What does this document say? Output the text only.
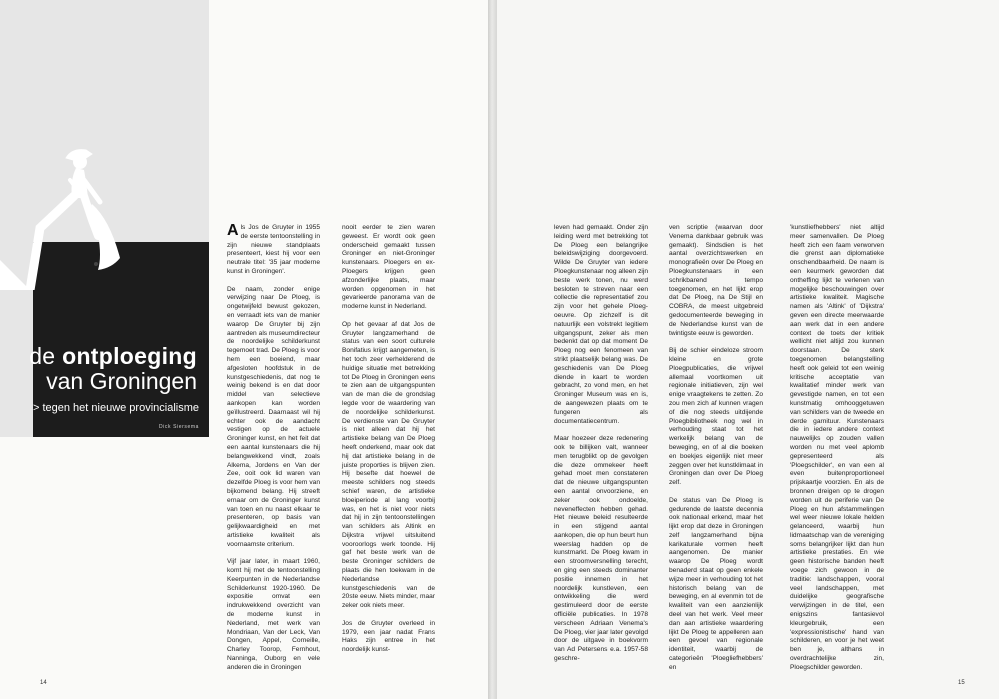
de ontploeging
van Groningen
> tegen het nieuwe provincialisme
Dick Siersema

Als Jos de Gruyter in 1955 de eerste tentoonstelling in zijn nieuwe standplaats presenteert, kiest hij voor een neutrale titel: '35 jaar moderne kunst in Groningen'.

De naam, zonder enige verwijzing naar De Ploeg, is ongetwijfeld bewust gekozen, en verraadt iets van de manier waarop De Gruyter bij zijn aantreden als museumdirecteur de noordelijke schilderkunst tegemoet trad. De Ploeg is voor hem een boeiend, maar afgesloten hoofdstuk in de kunstgeschiedenis, dat nog te weinig bekend is en dat door middel van selectieve aankopen kan worden geïllustreerd. Daarnaast wil hij echter ook de aandacht vestigen op de actuele Groninger kunst, en het feit dat een aantal kunstenaars die hij belangwekkend vindt, zoals Alkema, Jordens en Van der Zee, ooit ook lid waren van dezelfde Ploeg is voor hem van bijkomend belang. Hij streeft ernaar om de Groninger kunst van toen en nu naast elkaar te presenteren, op basis van gelijkwaardigheid en met artistieke kwaliteit als voornaamste criterium.

Vijf jaar later, in maart 1960, komt hij met de tentoonstelling Keerpunten in de Nederlandse Schilderkunst 1920-1960. De expositie omvat een indrukwekkend overzicht van de moderne kunst in Nederland, met werk van Mondriaan, Van der Leck, Van Dongen, Appel, Corneille, Charley Toorop, Fernhout, Nanninga, Ouborg en vele anderen die in Groningen

nooit eerder te zien waren geweest. Er wordt ook geen onderscheid gemaakt tussen Groninger en niet-Groninger kunstenaars. Ploegers en ex-Ploegers krijgen geen afzonderlijke plaats, maar worden opgenomen in het gevarieerde panorama van de moderne kunst in Nederland.

Op het gevaar af dat Jos de Gruyter langzamerhand de status van een soort culturele Bonifatius krijgt aangemeten, is het toch zeer verhelderend de huidige situatie met betrekking tot De Ploeg in Groningen eens te zien aan de uitgangspunten van de man die de grondslag legde voor de waardering van de noordelijke schilderkunst. De verdienste van De Gruyter is niet alleen dat hij het artistieke belang van De Ploeg heeft onderkend, maar ook dat hij dat artistieke belang in de juiste proporties is blijven zien. Hij besefte dat hoewel de meeste schilders nog steeds schief waren, de artistieke bloeiperiode al lang voorbij was, en het is niet voor niets dat hij in zijn tentoonstellingen van schilders als Altink en Dijkstra vrijwel uitsluitend vooroorlogs werk toonde. Hij gaf het beste werk van de beste Groninger schilders de plaats die hen toekwam in de Nederlandse kunstgeschiedenis van de 20ste eeuw. Niets minder, maar zeker ook niets meer.

Jos de Gruyter overleed in 1979, een jaar nadat Frans Haks zijn entree in het noordelijk kunst-

14	15

leven had gemaakt. Onder zijn leiding werd met betrekking tot De Ploeg een belangrijke beleidswijziging doorgevoerd. Wilde De Gruyter van iedere Ploegkunstenaar nog alleen zijn beste werk tonen, nu werd besloten te streven naar een collectie die representatief zou zijn voor het gehele Ploeg-oeuvre. Op zichzelf is dit natuurlijk een volstrekt legitiem uitgangspunt, zeker als men bedenkt dat op dat moment De Ploeg nog een fenomeen van strikt plaatselijk belang was. De geschiedenis van De Ploeg diende in kaart te worden gebracht, zo vond men, en het Groninger Museum was en is, de aangewezen plaats om te fungeren als documentatiecentrum.

Maar hoezeer deze redenering ook te billijken valt, wanneer men terugblikt op de gevolgen die deze ommekeer heeft gehad moet men constateren dat de nieuwe uitgangspunten een aantal onvoorziene, en zeker ook ondoelde, neveneffecten hebben gehad. Het nieuwe beleid resulteerde in een stijgend aantal aankopen, die op hun beurt hun weerslag hadden op de kunstmarkt. De Ploeg kwam in een stroomversnelling terecht, en ging een steeds dominanter positie innemen in het noordelijk kunstleven, een ontwikkeling die werd gestimuleerd door de eerste officiële publicaties. In 1978 verscheen Adriaan Venema's De Ploeg, vier jaar later gevolgd door de uitgave in boekvorm van Ad Petersens e.a. 1957-58 geschre-

ven scriptie (waarvan door Venema dankbaar gebruik was gemaakt). Sindsdien is het aantal overzichtswerken en monografieën over De Ploeg en Ploegkunstenaars in een schrikbarend tempo toegenomen, en het lijkt erop dat De Ploeg, na De Stijl en COBRA, de meest uitgebreid gedocumenteerde beweging in de Nederlandse kunst van de twintigste eeuw is geworden.

Bij de schier eindeloze stroom kleine en grote Ploegpublicaties, die vrijwel allemaal voortkomen uit regionale initiatieven, zijn wel enige vraagtekens te zetten. Zo zou men zich af kunnen vragen of die nog steeds uitdijende Ploegbibliotheek nog wel in verhouding staat tot het werkelijk belang van de beweging, en of al die boeken en boekjes eigenlijk niet meer zeggen over het kunstklimaat in Groningen dan over De Ploeg zelf.

De status van De Ploeg is gedurende de laatste decennia ook nationaal erkend, maar het lijkt erop dat deze in Groningen zelf langzamerhand bijna karikaturale vormen heeft aangenomen. De manier waarop De Ploeg wordt benaderd staat op geen enkele wijze meer in verhouding tot het historisch belang van de beweging, en al evenmin tot de kwaliteit van een aanzienlijk deel van het werk. Veel meer dan aan artistieke waardering lijkt De Ploeg te appelleren aan een gevoel van regionale identiteit, waarbij de categorieën 'Ploegliefhebbers' en

'kunstliefhebbers' niet altijd meer samenvallen. De Ploeg heeft zich een faam verworven die grenst aan diplomatieke onschendbaarheid. De naam is een keurmerk geworden dat ontheffing lijkt te verlenen van mogelijke beschouwingen over artistieke kwaliteit. Magische namen als 'Altink' of 'Dijkstra' geven een directe meerwaarde aan werk dat in een andere context de toets der kritiek wellicht niet altijd zou kunnen doorstaan. De sterk toegenomen belangstelling heeft ook geleid tot een weinig kritische acceptatie van kwalitatief minder werk van gevestigde namen, en tot een kunstmatig omhooggetuwen van schilders van de tweede en derde garnituur. Kunstenaars die in iedere andere context nauwelijks op zouden vallen worden nu met veel aplomb gepresenteerd als 'Ploegschilder', en van een al even buitenproportioneel prijskaartje voorzien. En als de bronnen dreigen op te drogen worden uit de periferie van De Ploeg en hun afstammelingen wel weer nieuwe lokale helden gelanceerd, waarbij hun lidmaatschap van de vereniging soms belangrijker lijkt dan hun artistieke prestaties. En wie geen historische banden heeft voege zich gewoon in de traditie: landschappen, vooral veel landschappen, met duidelijke geografische verwijzingen in de titel, een enigszins fantasievol kleurgebruik, een 'expressionistische' hand van schilderen, en voor je het weet ben je, althans in overdrachtelijke zin, Ploegschilder geworden.
